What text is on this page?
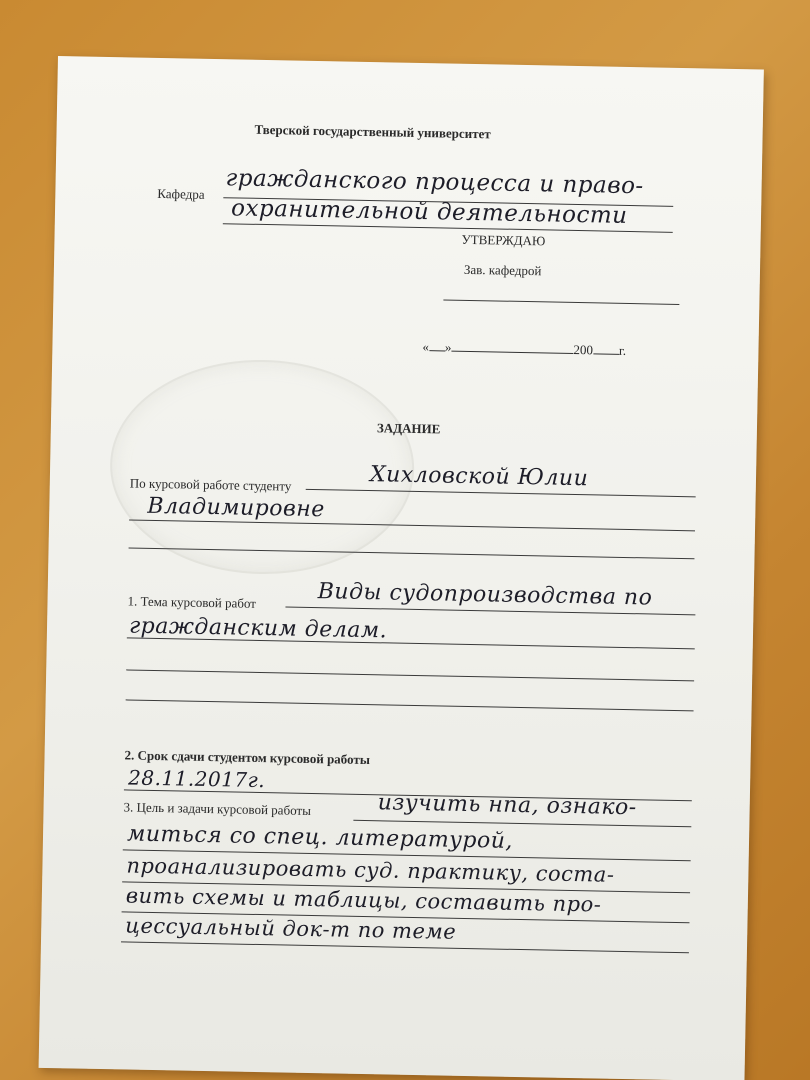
Тверской государственный университет
Кафедра гражданского процесса и право-
охранительной деятельности
УТВЕРЖДАЮ
Зав. кафедрой
« »	200 г.
ЗАДАНИЕ
По курсовой работе студенту	Хихловской Юлии
Владимировне
1. Тема курсовой работ	Виды судопроизводства по
гражданским делам.
2. Срок сдачи студентом курсовой работы
28.11.2017г.
3. Цель и задачи курсовой работы	изучить нпа, ознако-
миться со спец. литературой,
проанализировать суд. практику, соста-
вить схемы и таблицы, составить про-
цессуальный док-т по теме
